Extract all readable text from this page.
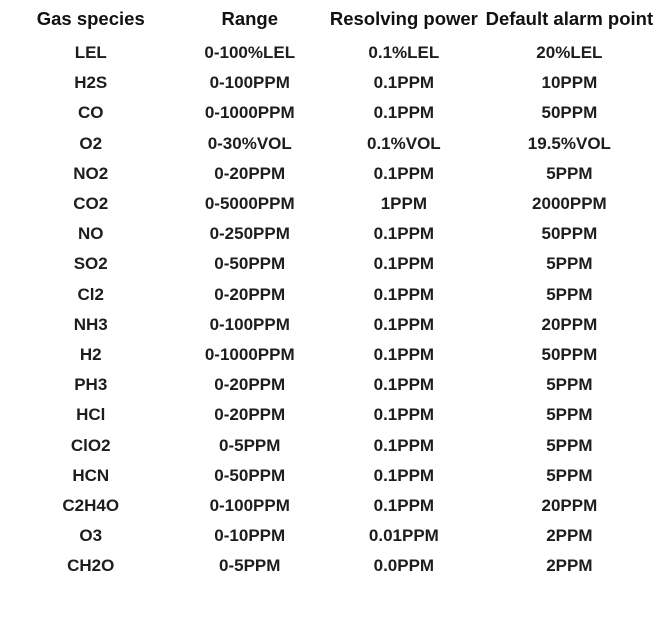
Gas species	Range	Resolving power	Default alarm point
LEL	0-100%LEL	0.1%LEL	20%LEL
H2S	0-100PPM	0.1PPM	10PPM
CO	0-1000PPM	0.1PPM	50PPM
O2	0-30%VOL	0.1%VOL	19.5%VOL
NO2	0-20PPM	0.1PPM	5PPM
CO2	0-5000PPM	1PPM	2000PPM
NO	0-250PPM	0.1PPM	50PPM
SO2	0-50PPM	0.1PPM	5PPM
Cl2	0-20PPM	0.1PPM	5PPM
NH3	0-100PPM	0.1PPM	20PPM
H2	0-1000PPM	0.1PPM	50PPM
PH3	0-20PPM	0.1PPM	5PPM
HCl	0-20PPM	0.1PPM	5PPM
ClO2	0-5PPM	0.1PPM	5PPM
HCN	0-50PPM	0.1PPM	5PPM
C2H4O	0-100PPM	0.1PPM	20PPM
O3	0-10PPM	0.01PPM	2PPM
CH2O	0-5PPM	0.0PPM	2PPM
